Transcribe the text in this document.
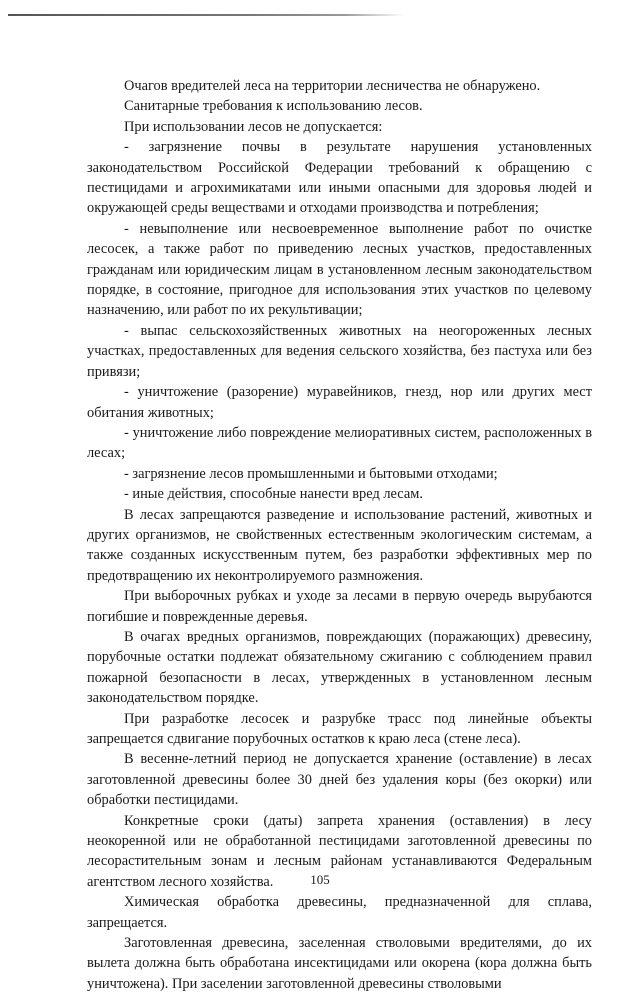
Очагов вредителей леса на территории лесничества не обнаружено.

Санитарные требования к использованию лесов.

При использовании лесов не допускается:

- загрязнение почвы в результате нарушения установленных законодательством Российской Федерации требований к обращению с пестицидами и агрохимикатами или иными опасными для здоровья людей и окружающей среды веществами и отходами производства и потребления;

- невыполнение или несвоевременное выполнение работ по очистке лесосек, а также работ по приведению лесных участков, предоставленных гражданам или юридическим лицам в установленном лесным законодательством порядке, в состояние, пригодное для использования этих участков по целевому назначению, или работ по их рекультивации;

- выпас сельскохозяйственных животных на неогороженных лесных участках, предоставленных для ведения сельского хозяйства, без пастуха или без привязи;

- уничтожение (разорение) муравейников, гнезд, нор или других мест обитания животных;

- уничтожение либо повреждение мелиоративных систем, расположенных в лесах;

- загрязнение лесов промышленными и бытовыми отходами;

- иные действия, способные нанести вред лесам.

В лесах запрещаются разведение и использование растений, животных и других организмов, не свойственных естественным экологическим системам, а также созданных искусственным путем, без разработки эффективных мер по предотвращению их неконтролируемого размножения.

При выборочных рубках и уходе за лесами в первую очередь вырубаются погибшие и поврежденные деревья.

В очагах вредных организмов, повреждающих (поражающих) древесину, порубочные остатки подлежат обязательному сжиганию с соблюдением правил пожарной безопасности в лесах, утвержденных в установленном лесным законодательством порядке.

При разработке лесосек и разрубке трасс под линейные объекты запрещается сдвигание порубочных остатков к краю леса (стене леса).

В весенне-летний период не допускается хранение (оставление) в лесах заготовленной древесины более 30 дней без удаления коры (без окорки) или обработки пестицидами.

Конкретные сроки (даты) запрета хранения (оставления) в лесу неокоренной или не обработанной пестицидами заготовленной древесины по лесорастительным зонам и лесным районам устанавливаются Федеральным агентством лесного хозяйства.

Химическая обработка древесины, предназначенной для сплава, запрещается.

Заготовленная древесина, заселенная стволовыми вредителями, до их вылета должна быть обработана инсектицидами или окорена (кора должна быть уничтожена). При заселении заготовленной древесины стволовыми

105
